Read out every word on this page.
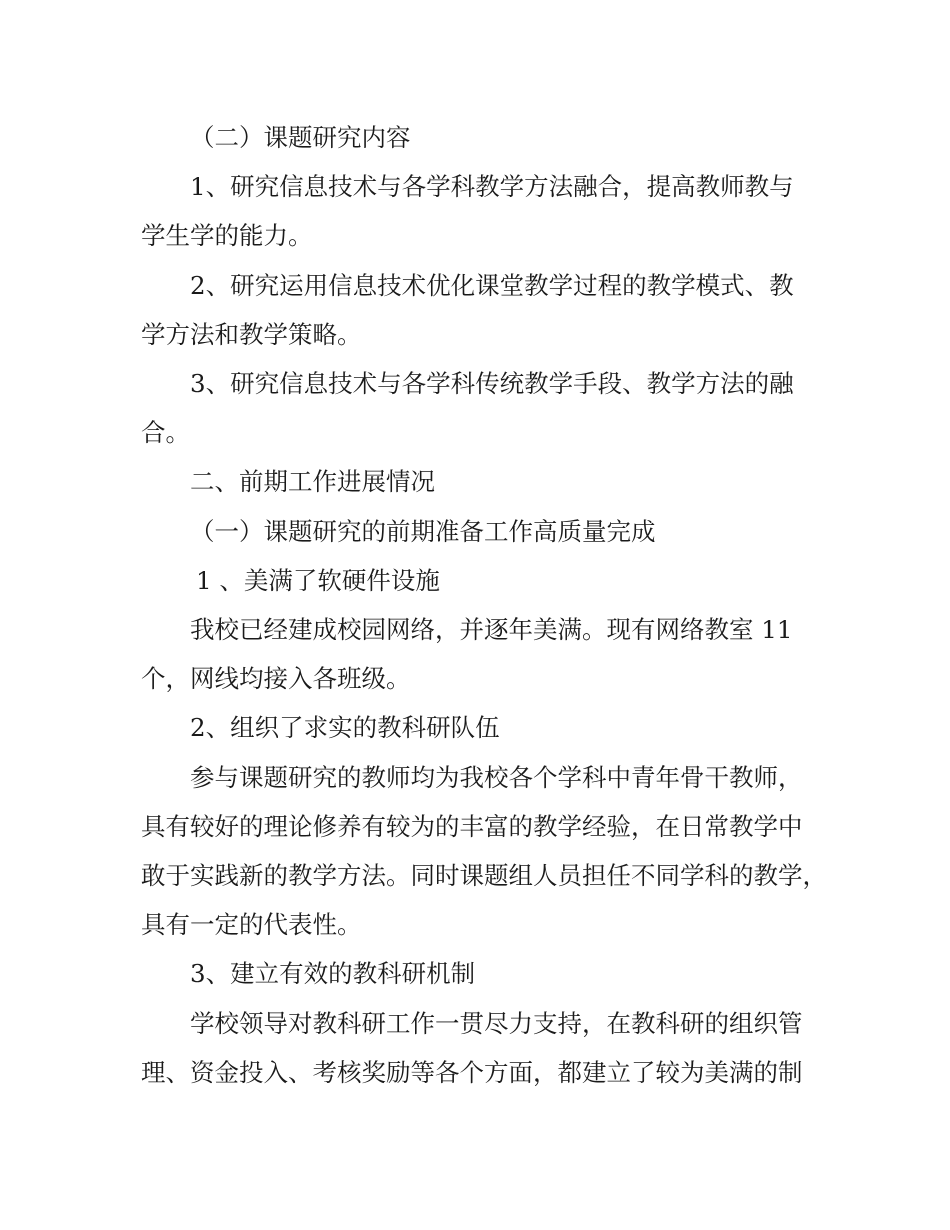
（二）课题研究内容

1、研究信息技术与各学科教学方法融合，提高教师教与

学生学的能力。

2、研究运用信息技术优化课堂教学过程的教学模式、教

学方法和教学策略。

3、研究信息技术与各学科传统教学手段、教学方法的融

合。

二、前期工作进展情况

（一）课题研究的前期准备工作高质量完成

1 、美满了软硬件设施

我校已经建成校园网络，并逐年美满。现有网络教室 11

个，网线均接入各班级。

2、组织了求实的教科研队伍

参与课题研究的教师均为我校各个学科中青年骨干教师，

具有较好的理论修养有较为的丰富的教学经验，在日常教学中

敢于实践新的教学方法。同时课题组人员担任不同学科的教学，

具有一定的代表性。

3、建立有效的教科研机制

学校领导对教科研工作一贯尽力支持，在教科研的组织管

理、资金投入、考核奖励等各个方面，都建立了较为美满的制
